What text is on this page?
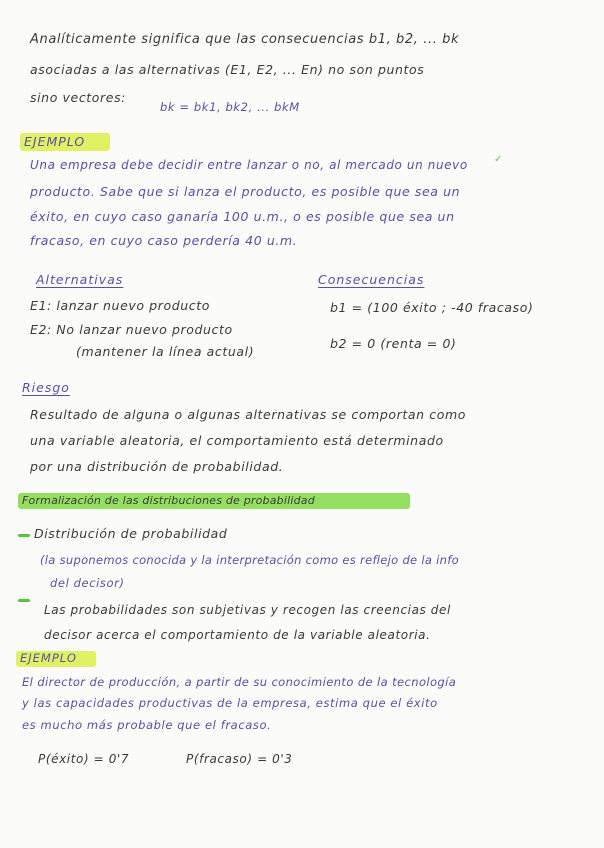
Analíticamente significa que las consecuencias b1, b2, ... bk
asociadas a las alternativas (E1, E2, ... En) no son puntos
sino vectores:
bk = bk1, bk2, ... bkM
EJEMPLO
✓
Una empresa debe decidir entre lanzar o no, al mercado un nuevo
producto. Sabe que si lanza el producto, es posible que sea un
éxito, en cuyo caso ganaría 100 u.m., o es posible que sea un
fracaso, en cuyo caso perdería 40 u.m.
Alternativas	Consecuencias
E1: lanzar nuevo producto
E2: No lanzar nuevo producto
(mantener la línea actual)
b1 = (100 éxito ; -40 fracaso)
b2 = 0 (renta = 0)
Riesgo
Resultado de alguna o algunas alternativas se comportan como
una variable aleatoria, el comportamiento está determinado
por una distribución de probabilidad.
Formalización de las distribuciones de probabilidad
Distribución de probabilidad
(la suponemos conocida y la interpretación como es reflejo de la info
del decisor)
Las probabilidades son subjetivas y recogen las creencias del
decisor acerca el comportamiento de la variable aleatoria.
EJEMPLO
El director de producción, a partir de su conocimiento de la tecnología
y las capacidades productivas de la empresa, estima que el éxito
es mucho más probable que el fracaso.
P(éxito) = 0'7	P(fracaso) = 0'3
